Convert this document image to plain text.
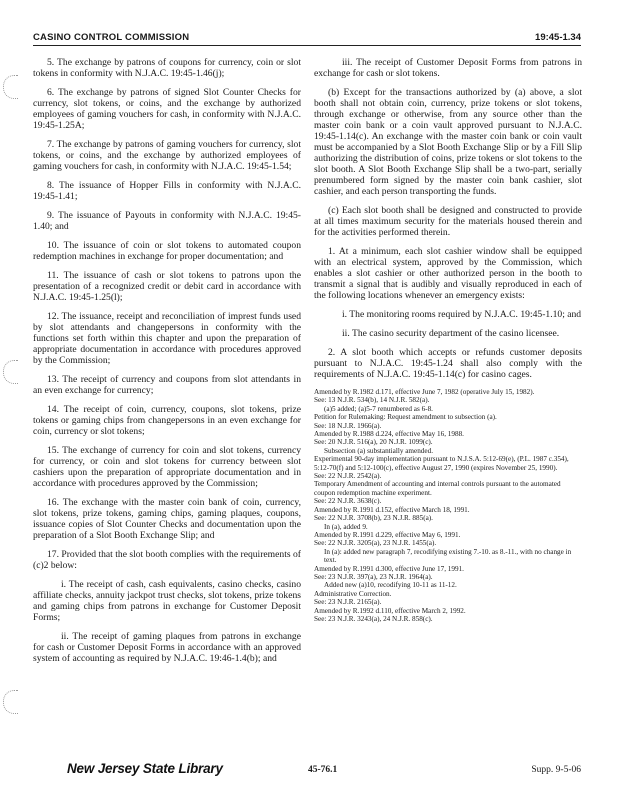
CASINO CONTROL COMMISSION	19:45-1.34

5. The exchange by patrons of coupons for currency, coin or slot tokens in conformity with N.J.A.C. 19:45-1.46(j);

6. The exchange by patrons of signed Slot Counter Checks for currency, slot tokens, or coins, and the exchange by authorized employees of gaming vouchers for cash, in conformity with N.J.A.C. 19:45-1.25A;

7. The exchange by patrons of gaming vouchers for currency, slot tokens, or coins, and the exchange by authorized employees of gaming vouchers for cash, in conformity with N.J.A.C. 19:45-1.54;

8. The issuance of Hopper Fills in conformity with N.J.A.C. 19:45-1.41;

9. The issuance of Payouts in conformity with N.J.A.C. 19:45-1.40; and

10. The issuance of coin or slot tokens to automated coupon redemption machines in exchange for proper documentation; and

11. The issuance of cash or slot tokens to patrons upon the presentation of a recognized credit or debit card in accordance with N.J.A.C. 19:45-1.25(l);

12. The issuance, receipt and reconciliation of imprest funds used by slot attendants and changepersons in conformity with the functions set forth within this chapter and upon the preparation of appropriate documentation in accordance with procedures approved by the Commission;

13. The receipt of currency and coupons from slot attendants in an even exchange for currency;

14. The receipt of coin, currency, coupons, slot tokens, prize tokens or gaming chips from changepersons in an even exchange for coin, currency or slot tokens;

15. The exchange of currency for coin and slot tokens, currency for currency, or coin and slot tokens for currency between slot cashiers upon the preparation of appropriate documentation and in accordance with procedures approved by the Commission;

16. The exchange with the master coin bank of coin, currency, slot tokens, prize tokens, gaming chips, gaming plaques, coupons, issuance copies of Slot Counter Checks and documentation upon the preparation of a Slot Booth Exchange Slip; and

17. Provided that the slot booth complies with the requirements of (c)2 below:

i. The receipt of cash, cash equivalents, casino checks, casino affiliate checks, annuity jackpot trust checks, slot tokens, prize tokens and gaming chips from patrons in exchange for Customer Deposit Forms;

ii. The receipt of gaming plaques from patrons in exchange for cash or Customer Deposit Forms in accordance with an approved system of accounting as required by N.J.A.C. 19:46-1.4(b); and

iii. The receipt of Customer Deposit Forms from patrons in exchange for cash or slot tokens.

(b) Except for the transactions authorized by (a) above, a slot booth shall not obtain coin, currency, prize tokens or slot tokens, through exchange or otherwise, from any source other than the master coin bank or a coin vault approved pursuant to N.J.A.C. 19:45-1.14(c). An exchange with the master coin bank or coin vault must be accompanied by a Slot Booth Exchange Slip or by a Fill Slip authorizing the distribution of coins, prize tokens or slot tokens to the slot booth. A Slot Booth Exchange Slip shall be a two-part, serially prenumbered form signed by the master coin bank cashier, slot cashier, and each person transporting the funds.

(c) Each slot booth shall be designed and constructed to provide at all times maximum security for the materials housed therein and for the activities performed therein.

1. At a minimum, each slot cashier window shall be equipped with an electrical system, approved by the Commission, which enables a slot cashier or other authorized person in the booth to transmit a signal that is audibly and visually reproduced in each of the following locations whenever an emergency exists:

i. The monitoring rooms required by N.J.A.C. 19:45-1.10; and

ii. The casino security department of the casino licensee.

2. A slot booth which accepts or refunds customer deposits pursuant to N.J.A.C. 19:45-1.24 shall also comply with the requirements of N.J.A.C. 19:45-1.14(c) for casino cages.

Amended by R.1982 d.171, effective June 7, 1982 (operative July 15, 1982).
See: 13 N.J.R. 534(b), 14 N.J.R. 582(a).
(a)5 added; (a)5-7 renumbered as 6-8.
Petition for Rulemaking: Request amendment to subsection (a).
See: 18 N.J.R. 1966(a).
Amended by R.1988 d.224, effective May 16, 1988.
See: 20 N.J.R. 516(a), 20 N.J.R. 1099(c).
Subsection (a) substantially amended.
Experimental 90-day implementation pursuant to N.J.S.A. 5:12-69(e), (P.L. 1987 c.354), 5:12-70(f) and 5:12-100(c), effective August 27, 1990 (expires November 25, 1990).
See: 22 N.J.R. 2542(a).
Temporary Amendment of accounting and internal controls pursuant to the automated coupon redemption machine experiment.
See: 22 N.J.R. 3638(c).
Amended by R.1991 d.152, effective March 18, 1991.
See: 22 N.J.R. 3708(b), 23 N.J.R. 885(a).
In (a), added 9.
Amended by R.1991 d.229, effective May 6, 1991.
See: 22 N.J.R. 3205(a), 23 N.J.R. 1455(a).
In (a): added new paragraph 7, recodifying existing 7.-10. as 8.-11., with no change in text.
Amended by R.1991 d.300, effective June 17, 1991.
See: 23 N.J.R. 397(a), 23 N.J.R. 1964(a).
Added new (a)10, recodifying 10-11 as 11-12.
Administrative Correction.
See: 23 N.J.R. 2165(a).
Amended by R.1992 d.110, effective March 2, 1992.
See: 23 N.J.R. 3243(a), 24 N.J.R. 858(c).
New Jersey State Library	45-76.1	Supp. 9-5-06
